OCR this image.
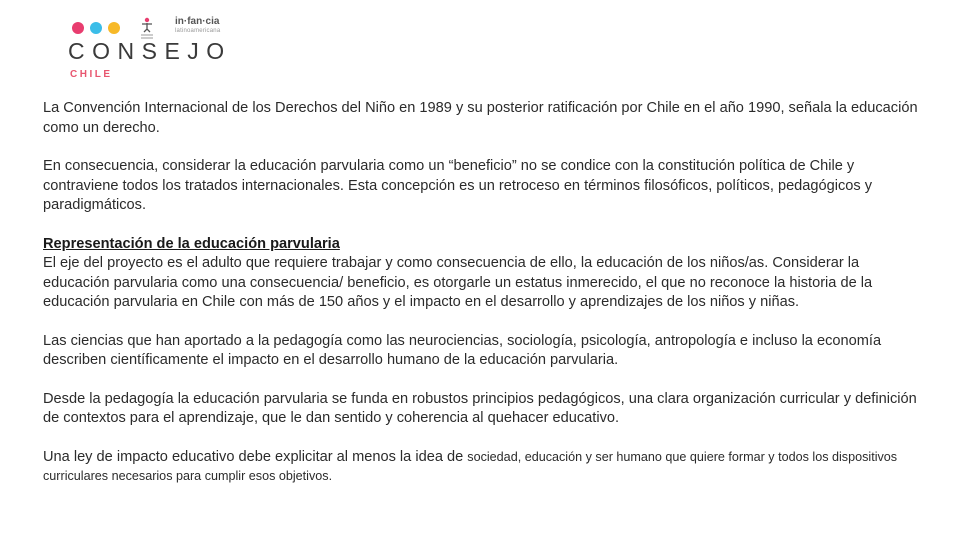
in·fan·cia
latinoamericana
CONSEJO
CHILE

La Convención Internacional de los Derechos del Niño en 1989 y su posterior ratificación por Chile en el año 1990, señala la educación como un derecho.

En consecuencia, considerar la educación parvularia como un “beneficio” no se condice con la constitución política de Chile y contraviene todos los tratados internacionales. Esta concepción es un retroceso en términos filosóficos, políticos, pedagógicos y paradigmáticos.

Representación de la educación parvularia

El eje del proyecto es el adulto que requiere trabajar y como consecuencia de ello, la educación de los niños/as. Considerar la educación parvularia como una consecuencia/ beneficio, es otorgarle un estatus inmerecido, el que no reconoce la historia de la educación parvularia en Chile con más de 150 años y el impacto en el desarrollo y aprendizajes de los niños y niñas.

Las ciencias que han aportado a la pedagogía como las neurociencias, sociología, psicología, antropología e incluso la economía describen científicamente el impacto en el desarrollo humano de la educación parvularia.

Desde la pedagogía la educación parvularia se funda en robustos principios pedagógicos, una clara organización curricular y definición de contextos para el aprendizaje, que le dan sentido y coherencia al quehacer educativo.

Una ley de impacto educativo debe explicitar al menos la idea de sociedad, educación y ser humano que quiere formar y todos los dispositivos curriculares necesarios para cumplir esos objetivos.
